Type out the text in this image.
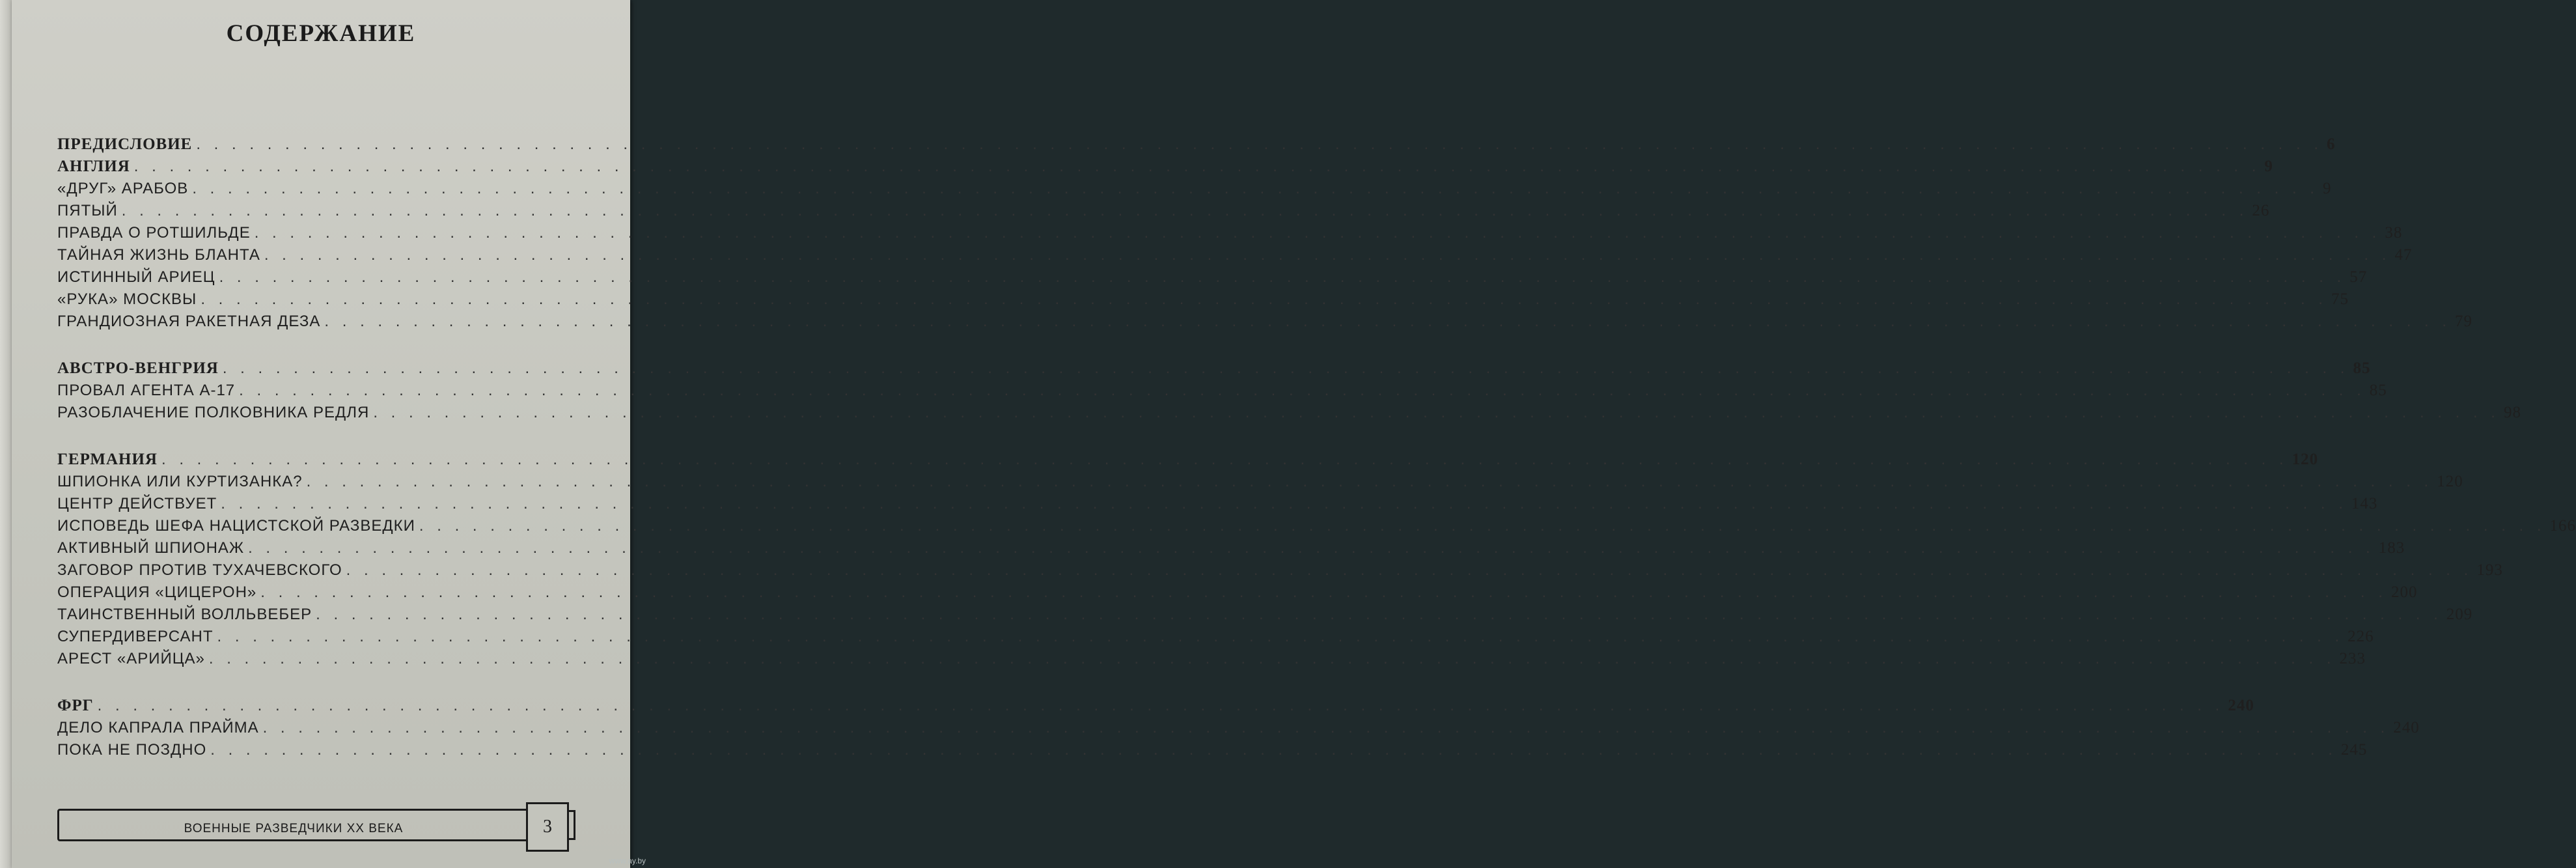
СОДЕРЖАНИЕ
ПРЕДИСЛОВИЕ . . . . . . . . . . . . . . . . . . . . . . . . . . . . . . . . . . . . . . . . . . . . . . . . . . . . . . . . . . . . . . . . . . . . . . . . . . . . . . . . . . . . . . . . . . . . . . . . . . . . . . . . . . . . . . . . . . . . . . . . 6
АНГЛИЯ . . . . . . . . . . . . . . . . . . . . . . . . . . . . . . . . . . . . . . . . . . . . . . . . . . . . . . . . . . . . . . . . . . . . . . . . . . . . . . . . . . . . . . . . . . . . . . . . . . . . . . . . . . . . . . . . . . . . . . . . 9
«ДРУГ» АРАБОВ . . . . . . . . . . . . . . . . . . . . . . . . . . . . . . . . . . . . . . . . . . . . . . . . . . . . . . . . . . . . . . . . . . . . . . . . . . . . . . . . . . . . . . . . . . . . . . . . . . . . . . . . . . . . . . . . . . . . . . . . 9
ПЯТЫЙ . . . . . . . . . . . . . . . . . . . . . . . . . . . . . . . . . . . . . . . . . . . . . . . . . . . . . . . . . . . . . . . . . . . . . . . . . . . . . . . . . . . . . . . . . . . . . . . . . . . . . . . . . . . . . . . . . . . . . . . . 26
ПРАВДА О РОТШИЛЬДЕ . . . . . . . . . . . . . . . . . . . . . . . . . . . . . . . . . . . . . . . . . . . . . . . . . . . . . . . . . . . . . . . . . . . . . . . . . . . . . . . . . . . . . . . . . . . . . . . . . . . . . . . . . . . . . . . . . . . . . . . . 38
ТАЙНАЯ ЖИЗНЬ БЛАНТА . . . . . . . . . . . . . . . . . . . . . . . . . . . . . . . . . . . . . . . . . . . . . . . . . . . . . . . . . . . . . . . . . . . . . . . . . . . . . . . . . . . . . . . . . . . . . . . . . . . . . . . . . . . . . . . . . . . . . . . . 47
ИСТИННЫЙ АРИЕЦ . . . . . . . . . . . . . . . . . . . . . . . . . . . . . . . . . . . . . . . . . . . . . . . . . . . . . . . . . . . . . . . . . . . . . . . . . . . . . . . . . . . . . . . . . . . . . . . . . . . . . . . . . . . . . . . . . . . . . . . . 57
«РУКА» МОСКВЫ . . . . . . . . . . . . . . . . . . . . . . . . . . . . . . . . . . . . . . . . . . . . . . . . . . . . . . . . . . . . . . . . . . . . . . . . . . . . . . . . . . . . . . . . . . . . . . . . . . . . . . . . . . . . . . . . . . . . . . . . 75
ГРАНДИОЗНАЯ РАКЕТНАЯ ДЕЗА . . . . . . . . . . . . . . . . . . . . . . . . . . . . . . . . . . . . . . . . . . . . . . . . . . . . . . . . . . . . . . . . . . . . . . . . . . . . . . . . . . . . . . . . . . . . . . . . . . . . . . . . . . . . . . . . . . . . . . . . 79
АВСТРО-ВЕНГРИЯ . . . . . . . . . . . . . . . . . . . . . . . . . . . . . . . . . . . . . . . . . . . . . . . . . . . . . . . . . . . . . . . . . . . . . . . . . . . . . . . . . . . . . . . . . . . . . . . . . . . . . . . . . . . . . . . . . . . . . . . . 85
ПРОВАЛ АГЕНТА А-17 . . . . . . . . . . . . . . . . . . . . . . . . . . . . . . . . . . . . . . . . . . . . . . . . . . . . . . . . . . . . . . . . . . . . . . . . . . . . . . . . . . . . . . . . . . . . . . . . . . . . . . . . . . . . . . . . . . . . . . . . 85
РАЗОБЛАЧЕНИЕ ПОЛКОВНИКА РЕДЛЯ . . . . . . . . . . . . . . . . . . . . . . . . . . . . . . . . . . . . . . . . . . . . . . . . . . . . . . . . . . . . . . . . . . . . . . . . . . . . . . . . . . . . . . . . . . . . . . . . . . . . . . . . . . . . . . . . . . . . . . . . 98
ГЕРМАНИЯ . . . . . . . . . . . . . . . . . . . . . . . . . . . . . . . . . . . . . . . . . . . . . . . . . . . . . . . . . . . . . . . . . . . . . . . . . . . . . . . . . . . . . . . . . . . . . . . . . . . . . . . . . . . . . . . . . . . . . . . . 120
ШПИОНКА ИЛИ КУРТИЗАНКА? . . . . . . . . . . . . . . . . . . . . . . . . . . . . . . . . . . . . . . . . . . . . . . . . . . . . . . . . . . . . . . . . . . . . . . . . . . . . . . . . . . . . . . . . . . . . . . . . . . . . . . . . . . . . . . . . . . . . . . . . 120
ЦЕНТР ДЕЙСТВУЕТ . . . . . . . . . . . . . . . . . . . . . . . . . . . . . . . . . . . . . . . . . . . . . . . . . . . . . . . . . . . . . . . . . . . . . . . . . . . . . . . . . . . . . . . . . . . . . . . . . . . . . . . . . . . . . . . . . . . . . . . . 143
ИСПОВЕДЬ ШЕФА НАЦИСТСКОЙ РАЗВЕДКИ . . . . . . . . . . . . . . . . . . . . . . . . . . . . . . . . . . . . . . . . . . . . . . . . . . . . . . . . . . . . . . . . . . . . . . . . . . . . . . . . . . . . . . . . . . . . . . . . . . . . . . . . . . . . . . . . . . . . . . . . 166
АКТИВНЫЙ ШПИОНАЖ . . . . . . . . . . . . . . . . . . . . . . . . . . . . . . . . . . . . . . . . . . . . . . . . . . . . . . . . . . . . . . . . . . . . . . . . . . . . . . . . . . . . . . . . . . . . . . . . . . . . . . . . . . . . . . . . . . . . . . . . 183
ЗАГОВОР ПРОТИВ ТУХАЧЕВСКОГО . . . . . . . . . . . . . . . . . . . . . . . . . . . . . . . . . . . . . . . . . . . . . . . . . . . . . . . . . . . . . . . . . . . . . . . . . . . . . . . . . . . . . . . . . . . . . . . . . . . . . . . . . . . . . . . . . . . . . . . . 193
ОПЕРАЦИЯ «ЦИЦЕРОН» . . . . . . . . . . . . . . . . . . . . . . . . . . . . . . . . . . . . . . . . . . . . . . . . . . . . . . . . . . . . . . . . . . . . . . . . . . . . . . . . . . . . . . . . . . . . . . . . . . . . . . . . . . . . . . . . . . . . . . . . 200
ТАИНСТВЕННЫЙ ВОЛЛЬВЕБЕР . . . . . . . . . . . . . . . . . . . . . . . . . . . . . . . . . . . . . . . . . . . . . . . . . . . . . . . . . . . . . . . . . . . . . . . . . . . . . . . . . . . . . . . . . . . . . . . . . . . . . . . . . . . . . . . . . . . . . . . . 209
СУПЕРДИВЕРСАНТ . . . . . . . . . . . . . . . . . . . . . . . . . . . . . . . . . . . . . . . . . . . . . . . . . . . . . . . . . . . . . . . . . . . . . . . . . . . . . . . . . . . . . . . . . . . . . . . . . . . . . . . . . . . . . . . . . . . . . . . . 226
АРЕСТ «АРИЙЦА» . . . . . . . . . . . . . . . . . . . . . . . . . . . . . . . . . . . . . . . . . . . . . . . . . . . . . . . . . . . . . . . . . . . . . . . . . . . . . . . . . . . . . . . . . . . . . . . . . . . . . . . . . . . . . . . . . . . . . . . . 233
ФРГ . . . . . . . . . . . . . . . . . . . . . . . . . . . . . . . . . . . . . . . . . . . . . . . . . . . . . . . . . . . . . . . . . . . . . . . . . . . . . . . . . . . . . . . . . . . . . . . . . . . . . . . . . . . . . . . . . . . . . . . . 240
ДЕЛО КАПРАЛА ПРАЙМА . . . . . . . . . . . . . . . . . . . . . . . . . . . . . . . . . . . . . . . . . . . . . . . . . . . . . . . . . . . . . . . . . . . . . . . . . . . . . . . . . . . . . . . . . . . . . . . . . . . . . . . . . . . . . . . . . . . . . . . . 240
ПОКА НЕ ПОЗДНО . . . . . . . . . . . . . . . . . . . . . . . . . . . . . . . . . . . . . . . . . . . . . . . . . . . . . . . . . . . . . . . . . . . . . . . . . . . . . . . . . . . . . . . . . . . . . . . . . . . . . . . . . . . . . . . . . . . . . . . . 245
ВОЕННЫЕ РАЗВЕДЧИКИ XX ВЕКА	3
www.ay.by
